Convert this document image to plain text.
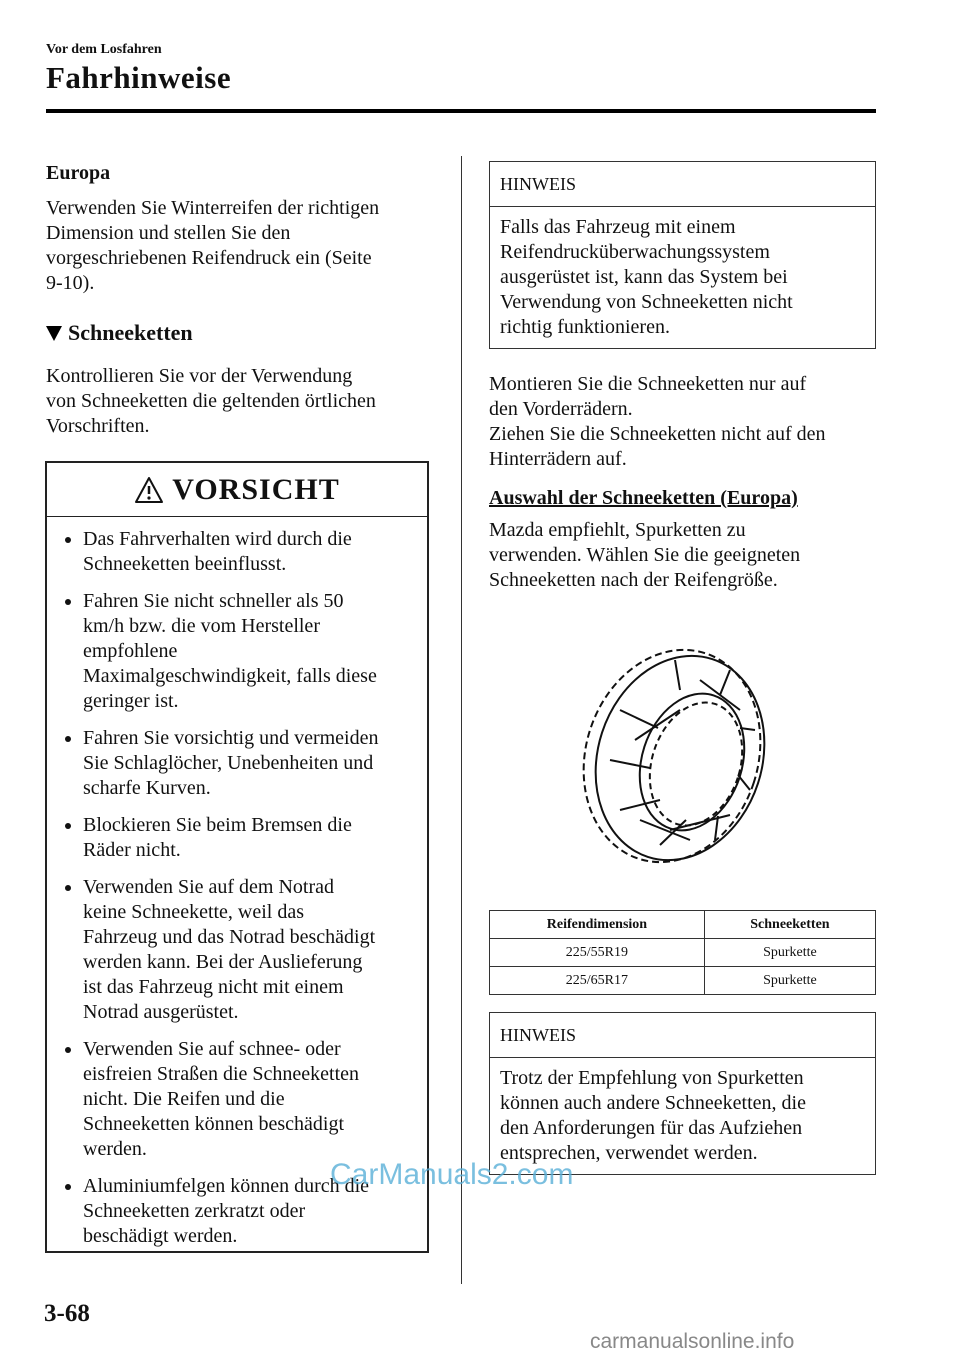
Vor dem Losfahren
Fahrhinweise
Europa
Verwenden Sie Winterreifen der richtigen
Dimension und stellen Sie den
vorgeschriebenen Reifendruck ein (Seite
9-10).
Schneeketten
Kontrollieren Sie vor der Verwendung
von Schneeketten die geltenden örtlichen
Vorschriften.
VORSICHT
Das Fahrverhalten wird durch die
Schneeketten beeinflusst.
Fahren Sie nicht schneller als 50
km/h bzw. die vom Hersteller
empfohlene
Maximalgeschwindigkeit, falls diese
geringer ist.
Fahren Sie vorsichtig und vermeiden
Sie Schlaglöcher, Unebenheiten und
scharfe Kurven.
Blockieren Sie beim Bremsen die
Räder nicht.
Verwenden Sie auf dem Notrad
keine Schneekette, weil das
Fahrzeug und das Notrad beschädigt
werden kann. Bei der Auslieferung
ist das Fahrzeug nicht mit einem
Notrad ausgerüstet.
Verwenden Sie auf schnee- oder
eisfreien Straßen die Schneeketten
nicht. Die Reifen und die
Schneeketten können beschädigt
werden.
Aluminiumfelgen können durch die
Schneeketten zerkratzt oder
beschädigt werden.
HINWEIS
Falls das Fahrzeug mit einem
Reifendrucküberwachungssystem
ausgerüstet ist, kann das System bei
Verwendung von Schneeketten nicht
richtig funktionieren.
Montieren Sie die Schneeketten nur auf
den Vorderrädern.
Ziehen Sie die Schneeketten nicht auf den
Hinterrädern auf.
Auswahl der Schneeketten (Europa)
Mazda empfiehlt, Spurketten zu
verwenden. Wählen Sie die geeigneten
Schneeketten nach der Reifengröße.
Reifendimension	Schneeketten
225/55R19	Spurkette
225/65R17	Spurkette
HINWEIS
Trotz der Empfehlung von Spurketten
können auch andere Schneeketten, die
den Anforderungen für das Aufziehen
entsprechen, verwendet werden.
CarManuals2.com
3-68
carmanualsonline.info
